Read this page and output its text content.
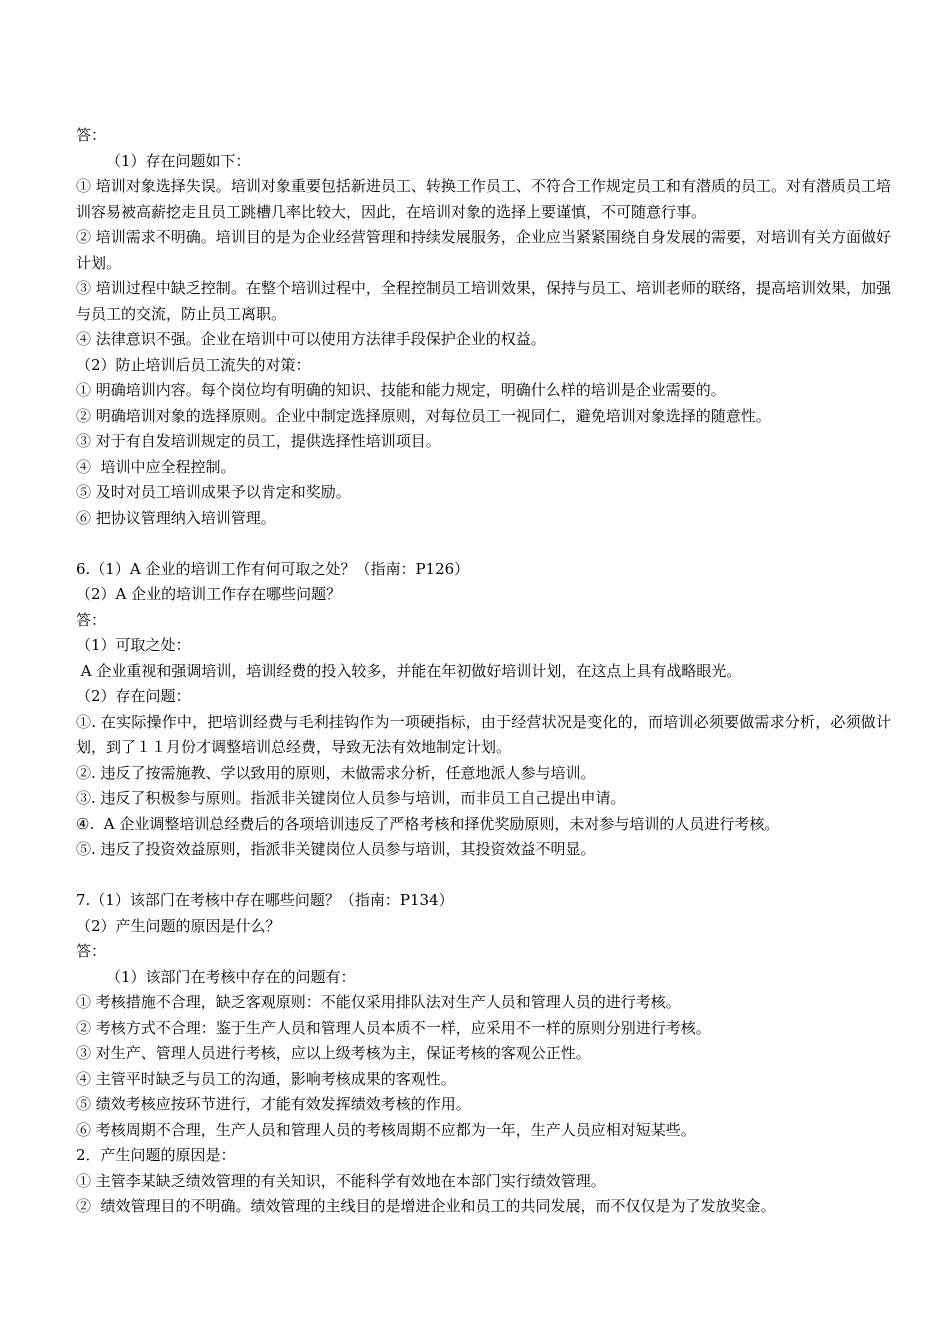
答：

（1）存在问题如下：

① 培训对象选择失误。培训对象重要包括新进员工、转换工作员工、不符合工作规定员工和有潜质的员工。对有潜质员工培训容易被高薪挖走且员工跳槽几率比较大，因此，在培训对象的选择上要谨慎，不可随意行事。

② 培训需求不明确。培训目的是为企业经营管理和持续发展服务，企业应当紧紧围绕自身发展的需要，对培训有关方面做好计划。

③ 培训过程中缺乏控制。在整个培训过程中，全程控制员工培训效果，保持与员工、培训老师的联络，提高培训效果，加强与员工的交流，防止员工离职。

④ 法律意识不强。企业在培训中可以使用方法律手段保护企业的权益。

（2）防止培训后员工流失的对策：

① 明确培训内容。每个岗位均有明确的知识、技能和能力规定，明确什么样的培训是企业需要的。

② 明确培训对象的选择原则。企业中制定选择原则，对每位员工一视同仁，避免培训对象选择的随意性。

③ 对于有自发培训规定的员工，提供选择性培训项目。

④  培训中应全程控制。

⑤ 及时对员工培训成果予以肯定和奖励。

⑥ 把协议管理纳入培训管理。

6.（1）A 企业的培训工作有何可取之处？（指南：P126）

（2）A 企业的培训工作存在哪些问题？

答：

（1）可取之处：

A 企业重视和强调培训，培训经费的投入较多，并能在年初做好培训计划，在这点上具有战略眼光。

（2）存在问题：

①. 在实际操作中，把培训经费与毛利挂钩作为一项硬指标，由于经营状况是变化的，而培训必须要做需求分析，必须做计划，到了１１月份才调整培训总经费，导致无法有效地制定计划。

②. 违反了按需施教、学以致用的原则，未做需求分析，任意地派人参与培训。

③. 违反了积极参与原则。指派非关键岗位人员参与培训，而非员工自己提出申请。

④.  A 企业调整培训总经费后的各项培训违反了严格考核和择优奖励原则，未对参与培训的人员进行考核。

⑤. 违反了投资效益原则，指派非关键岗位人员参与培训，其投资效益不明显。

7.（1）该部门在考核中存在哪些问题？（指南：P134）

（2）产生问题的原因是什么？

答：

（1）该部门在考核中存在的问题有：

① 考核措施不合理，缺乏客观原则：不能仅采用排队法对生产人员和管理人员的进行考核。

② 考核方式不合理：鉴于生产人员和管理人员本质不一样，应采用不一样的原则分别进行考核。

③ 对生产、管理人员进行考核，应以上级考核为主，保证考核的客观公正性。

④ 主管平时缺乏与员工的沟通，影响考核成果的客观性。

⑤ 绩效考核应按环节进行，才能有效发挥绩效考核的作用。

⑥ 考核周期不合理，生产人员和管理人员的考核周期不应都为一年，生产人员应相对短某些。

2．产生问题的原因是：

① 主管李某缺乏绩效管理的有关知识，不能科学有效地在本部门实行绩效管理。

②  绩效管理目的不明确。绩效管理的主线目的是增进企业和员工的共同发展，而不仅仅是为了发放奖金。
